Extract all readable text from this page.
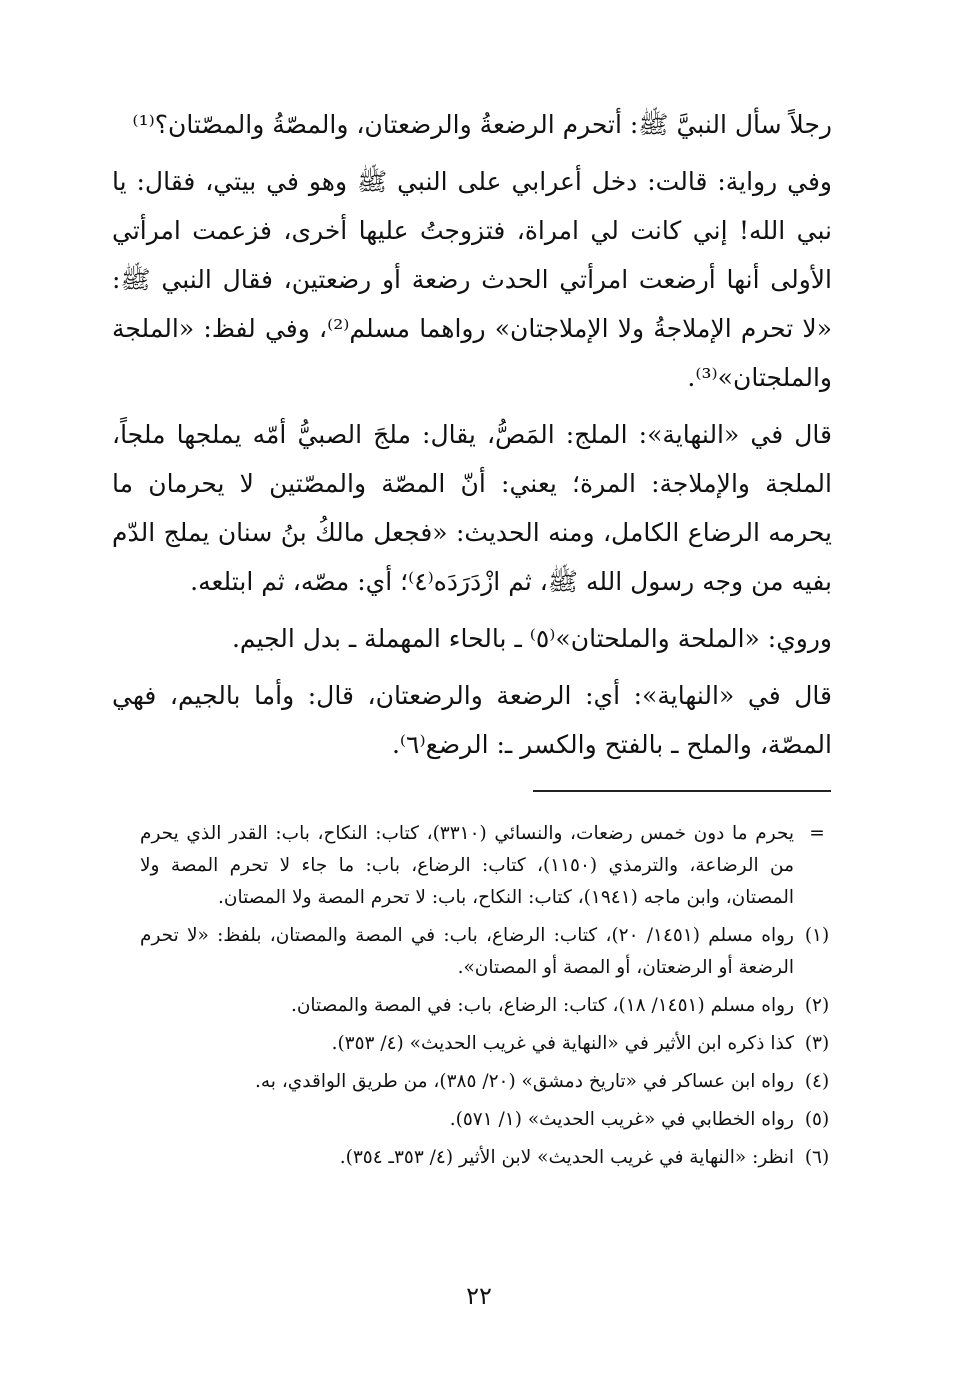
رجلاً سأل النبيَّ ﷺ: أتحرم الرضعةُ والرضعتان، والمصّةُ والمصّتان؟⁽¹⁾

وفي رواية: قالت: دخل أعرابي على النبي ﷺ وهو في بيتي، فقال: يا نبي الله! إني كانت لي امراة، فتزوجتُ عليها أخرى، فزعمت امرأتي الأولى أنها أرضعت امرأتي الحدث رضعة أو رضعتين، فقال النبي ﷺ: «لا تحرم الإملاجةُ ولا الإملاجتان» رواهما مسلم⁽²⁾، وفي لفظ: «الملجة والملجتان»⁽³⁾.

قال في «النهاية»: الملج: المَصُّ، يقال: ملجَ الصبيُّ أمّه يملجها ملجاً، الملجة والإملاجة: المرة؛ يعني: أنّ المصّة والمصّتين لا يحرمان ما يحرمه الرضاع الكامل، ومنه الحديث: «فجعل مالكُ بنُ سنان يملج الدّم بفيه من وجه رسول الله ﷺ، ثم ازْدَرَدَه⁽٤⁾؛ أي: مصّه، ثم ابتلعه.

وروي: «الملحة والملحتان»⁽٥⁾ ـ بالحاء المهملة ـ بدل الجيم.

قال في «النهاية»: أي: الرضعة والرضعتان، قال: وأما بالجيم، فهي المصّة، والملح ـ بالفتح والكسر ـ: الرضع⁽٦⁾.

=
يحرم ما دون خمس رضعات، والنسائي (٣٣١٠)، كتاب: النكاح، باب: القدر الذي يحرم من الرضاعة، والترمذي (١١٥٠)، كتاب: الرضاع، باب: ما جاء لا تحرم المصة ولا المصتان، وابن ماجه (١٩٤١)، كتاب: النكاح، باب: لا تحرم المصة ولا المصتان.
(١)
رواه مسلم (١٤٥١/ ٢٠)، كتاب: الرضاع، باب: في المصة والمصتان، بلفظ: «لا تحرم الرضعة أو الرضعتان، أو المصة أو المصتان».
(٢)
رواه مسلم (١٤٥١/ ١٨)، كتاب: الرضاع، باب: في المصة والمصتان.
(٣)
كذا ذكره ابن الأثير في «النهاية في غريب الحديث» (٤/ ٣٥٣).
(٤)
رواه ابن عساكر في «تاريخ دمشق» (٢٠/ ٣٨٥)، من طريق الواقدي، به.
(٥)
رواه الخطابي في «غريب الحديث» (١/ ٥٧١).
(٦)
انظر: «النهاية في غريب الحديث» لابن الأثير (٤/ ٣٥٣ـ ٣٥٤).
٢٢
